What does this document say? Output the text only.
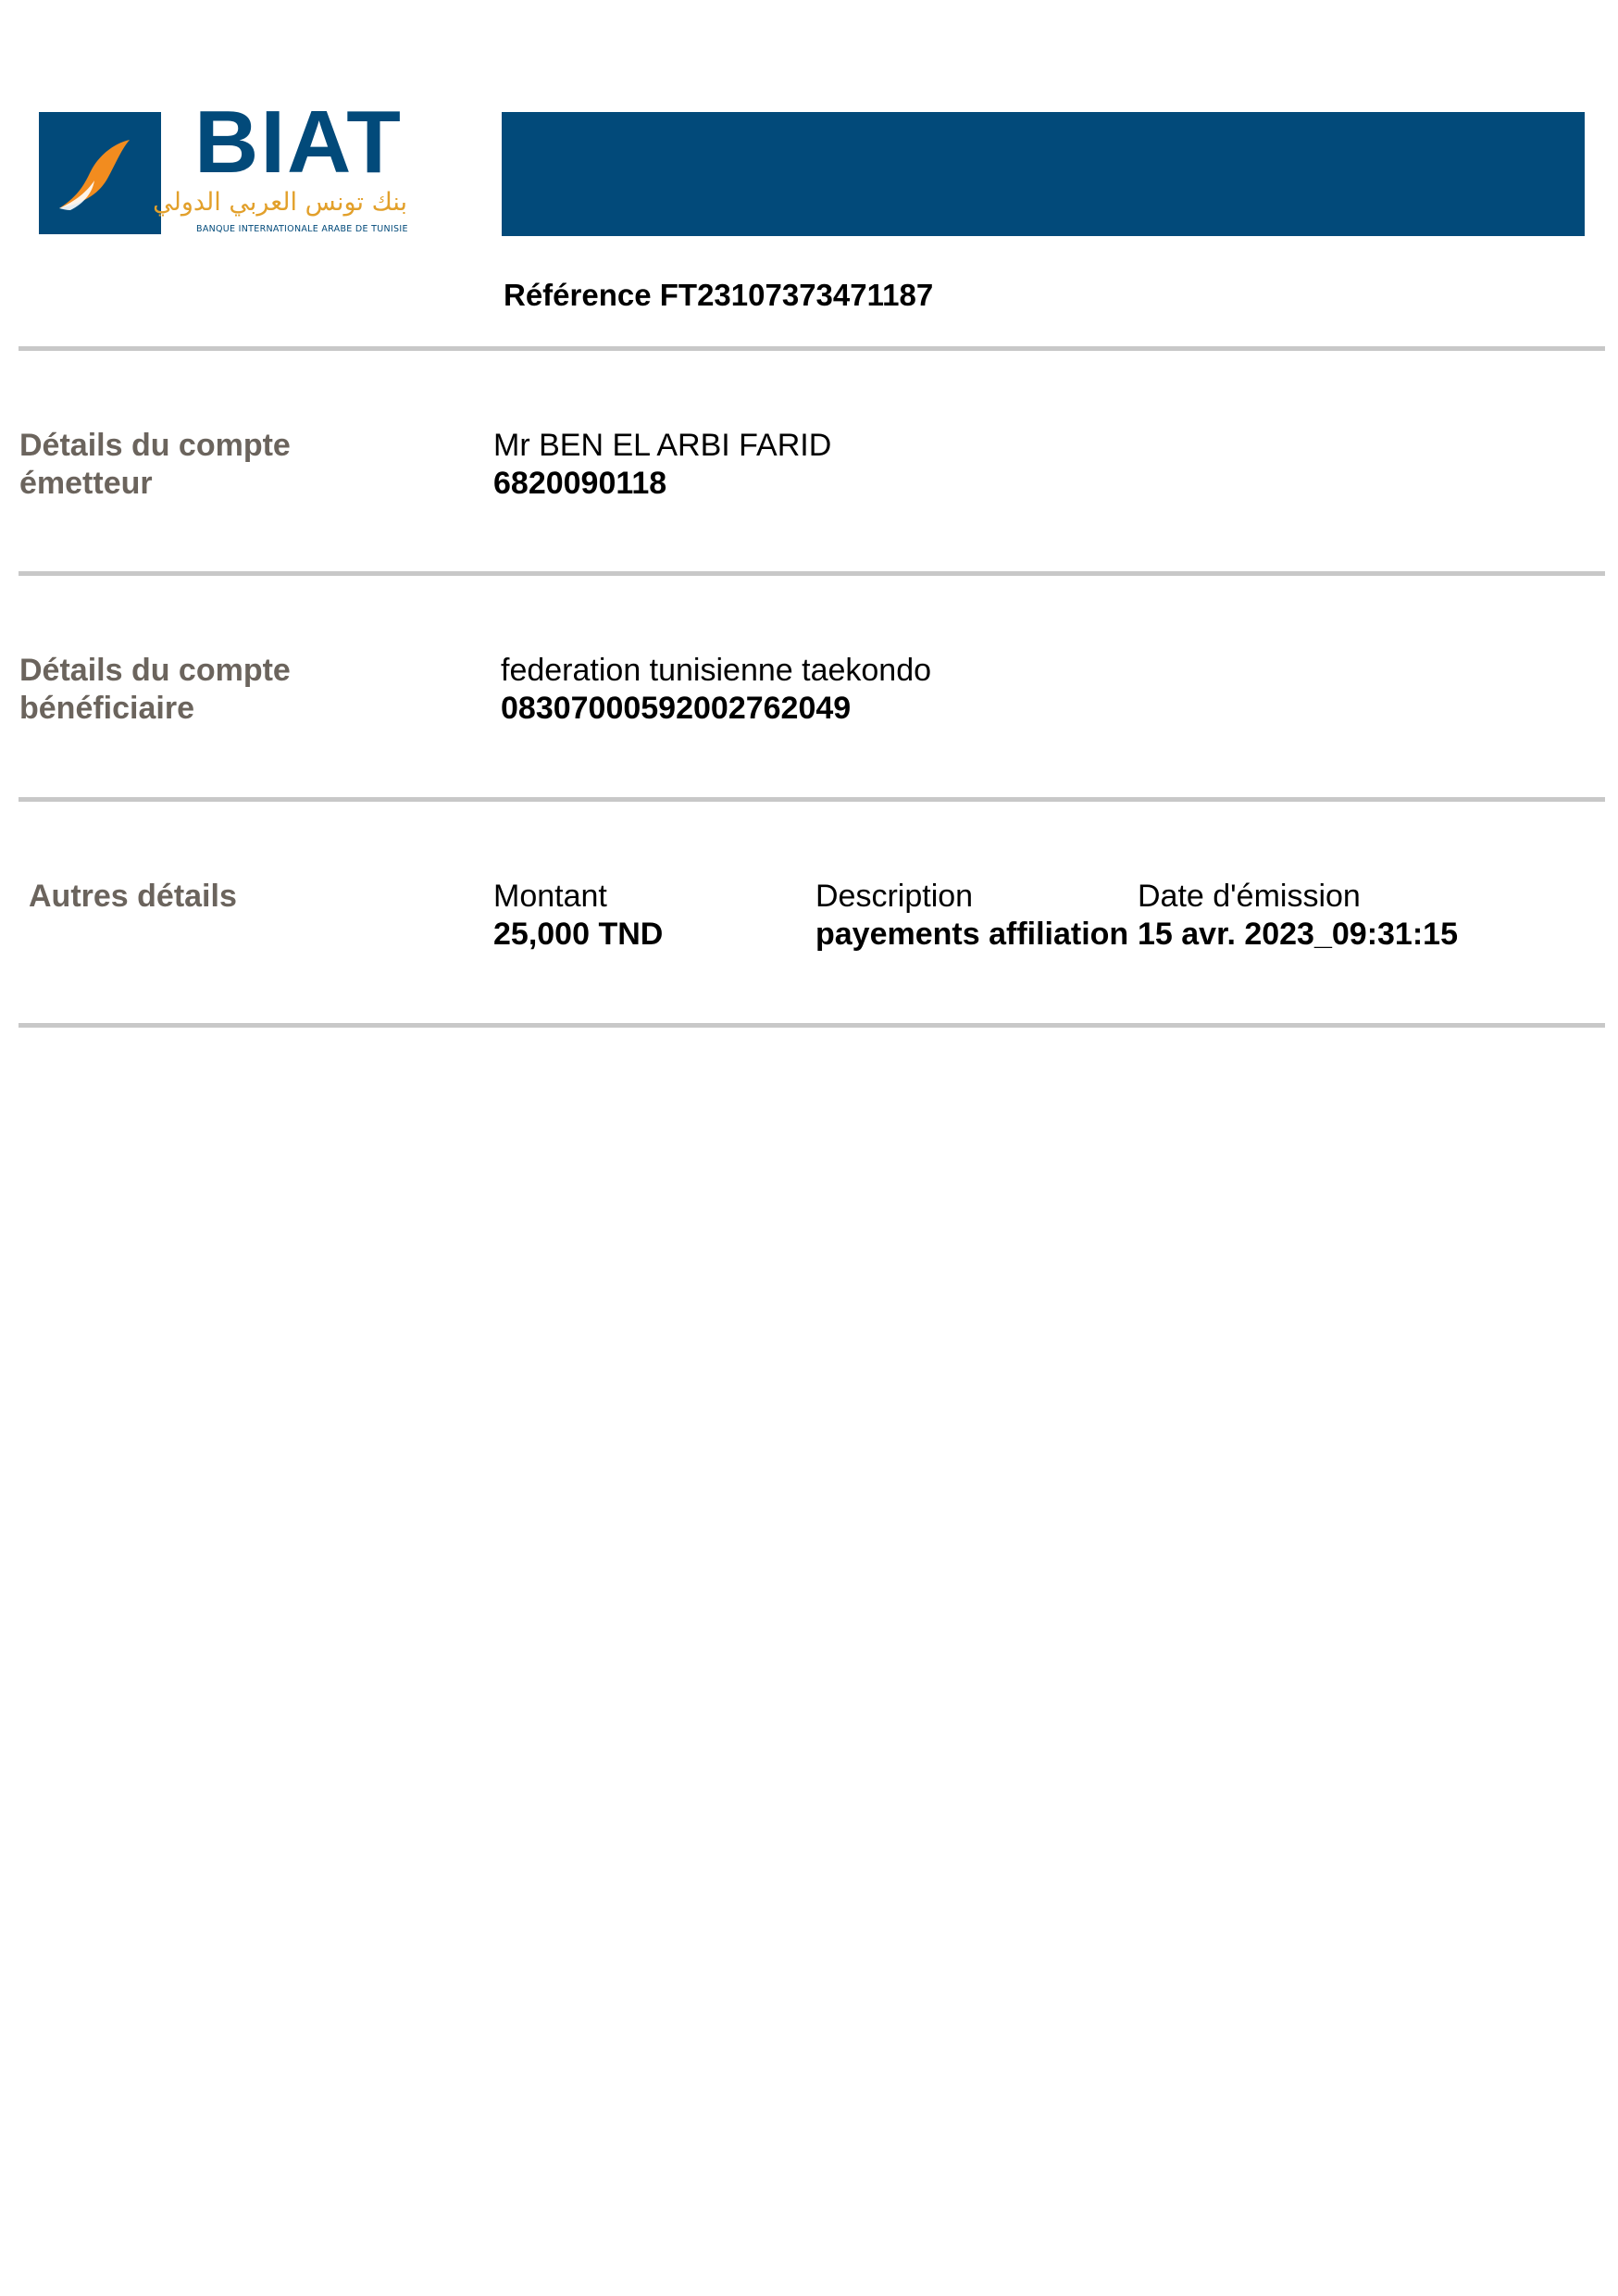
BIAT
بنك تونس العربي الدولي
BANQUE INTERNATIONALE ARABE DE TUNISIE
Référence FT23107373471187
Détails du compte
émetteur
Mr BEN EL ARBI FARID
6820090118
Détails du compte
bénéficiaire
federation tunisienne taekondo
08307000592002762049
Autres détails	Montant
25,000 TND
Description
payements affiliation
Date d'émission
15 avr. 2023_09:31:15
